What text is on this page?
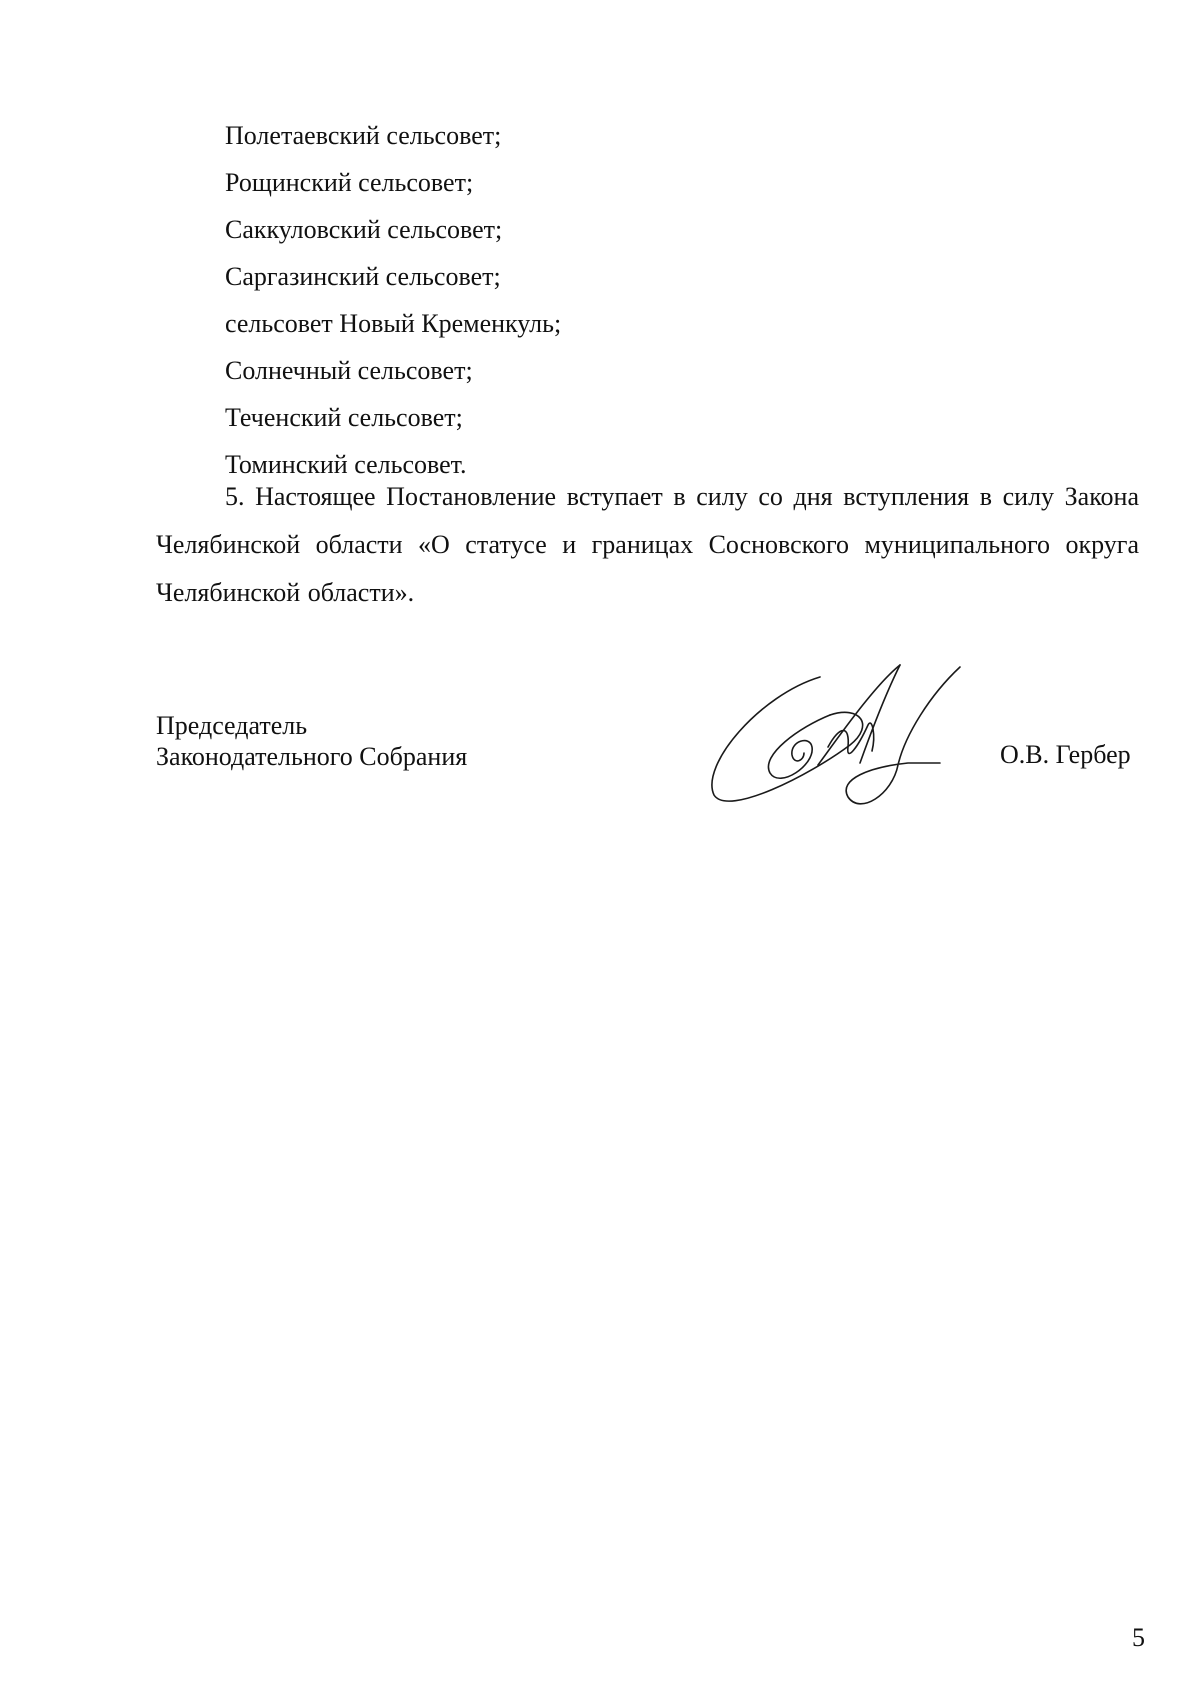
Полетаевский сельсовет;
Рощинский сельсовет;
Саккуловский сельсовет;
Саргазинский сельсовет;
сельсовет Новый Кременкуль;
Солнечный сельсовет;
Теченский сельсовет;
Томинский сельсовет.

5. Настоящее Постановление вступает в силу со дня вступления в силу Закона Челябинской области «О статусе и границах Сосновского муниципального округа Челябинской области».

Председатель
Законодательного Собрания	О.В. Гербер
5
